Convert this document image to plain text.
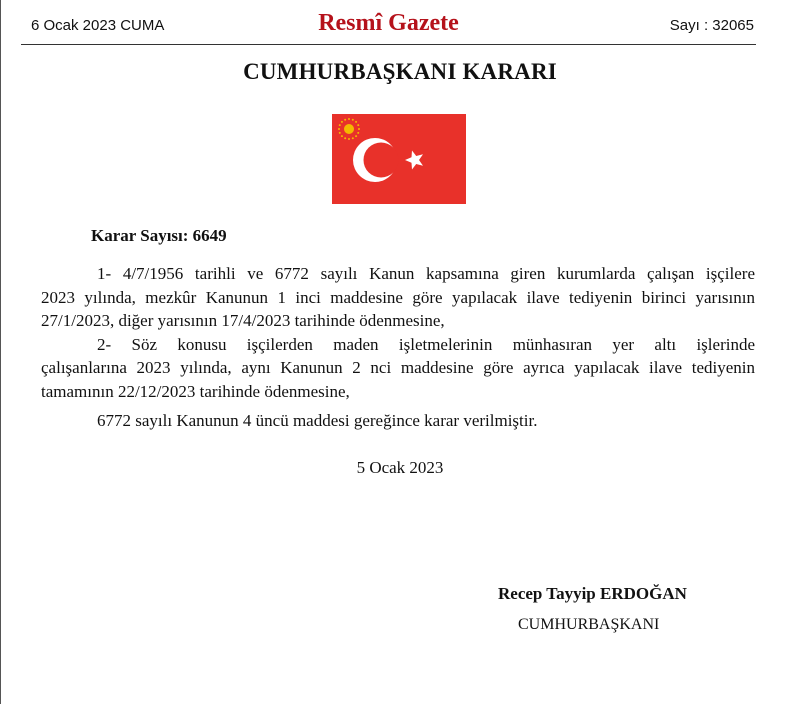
6 Ocak 2023 CUMA	Resmî Gazete	Sayı : 32065
CUMHURBAŞKANI KARARI
Karar Sayısı: 6649
1- 4/7/1956 tarihli ve 6772 sayılı Kanun kapsamına giren kurumlarda çalışan işçilere
2023 yılında, mezkûr Kanunun 1 inci maddesine göre yapılacak ilave tediyenin birinci yarısının
27/1/2023, diğer yarısının 17/4/2023 tarihinde ödenmesine,
2- Söz konusu işçilerden maden işletmelerinin münhasıran yer altı işlerinde
çalışanlarına 2023 yılında, aynı Kanunun 2 nci maddesine göre ayrıca yapılacak ilave tediyenin
tamamının 22/12/2023 tarihinde ödenmesine,
6772 sayılı Kanunun 4 üncü maddesi gereğince karar verilmiştir.
5 Ocak 2023
Recep Tayyip ERDOĞAN
CUMHURBAŞKANI
